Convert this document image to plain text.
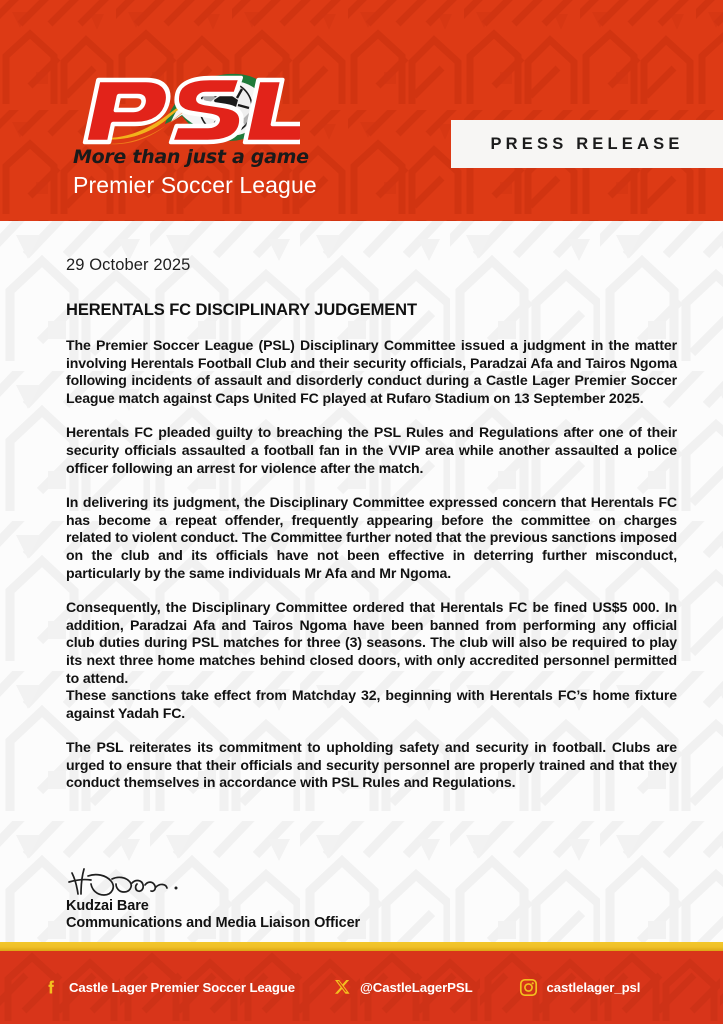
More than just a game
Premier Soccer League
PRESS RELEASE
29 October 2025
HERENTALS FC DISCIPLINARY JUDGEMENT

The Premier Soccer League (PSL) Disciplinary Committee issued a judgment in the matter involving Herentals Football Club and their security officials, Paradzai Afa and Tairos Ngoma following incidents of assault and disorderly conduct during a Castle Lager Premier Soccer League match against Caps United FC played at Rufaro Stadium on 13 September 2025.

Herentals FC pleaded guilty to breaching the PSL Rules and Regulations after one of their security officials assaulted a football fan in the VVIP area while another assaulted a police officer following an arrest for violence after the match.

In delivering its judgment, the Disciplinary Committee expressed concern that Herentals FC has become a repeat offender, frequently appearing before the committee on charges related to violent conduct. The Committee further noted that the previous sanctions imposed on the club and its officials have not been effective in deterring further misconduct, particularly by the same individuals Mr Afa and Mr Ngoma.

Consequently, the Disciplinary Committee ordered that Herentals FC be fined US$5 000. In addition, Paradzai Afa and Tairos Ngoma have been banned from performing any official club duties during PSL matches for three (3) seasons. The club will also be required to play its next three home matches behind closed doors, with only accredited personnel permitted to attend.

These sanctions take effect from Matchday 32, beginning with Herentals FC’s home fixture against Yadah FC.

The PSL reiterates its commitment to upholding safety and security in football. Clubs are urged to ensure that their officials and security personnel are properly trained and that they conduct themselves in accordance with PSL Rules and Regulations.

Kudzai Bare
Communications and Media Liaison Officer
Castle Lager Premier Soccer League	@CastleLagerPSL	castlelager_psl
